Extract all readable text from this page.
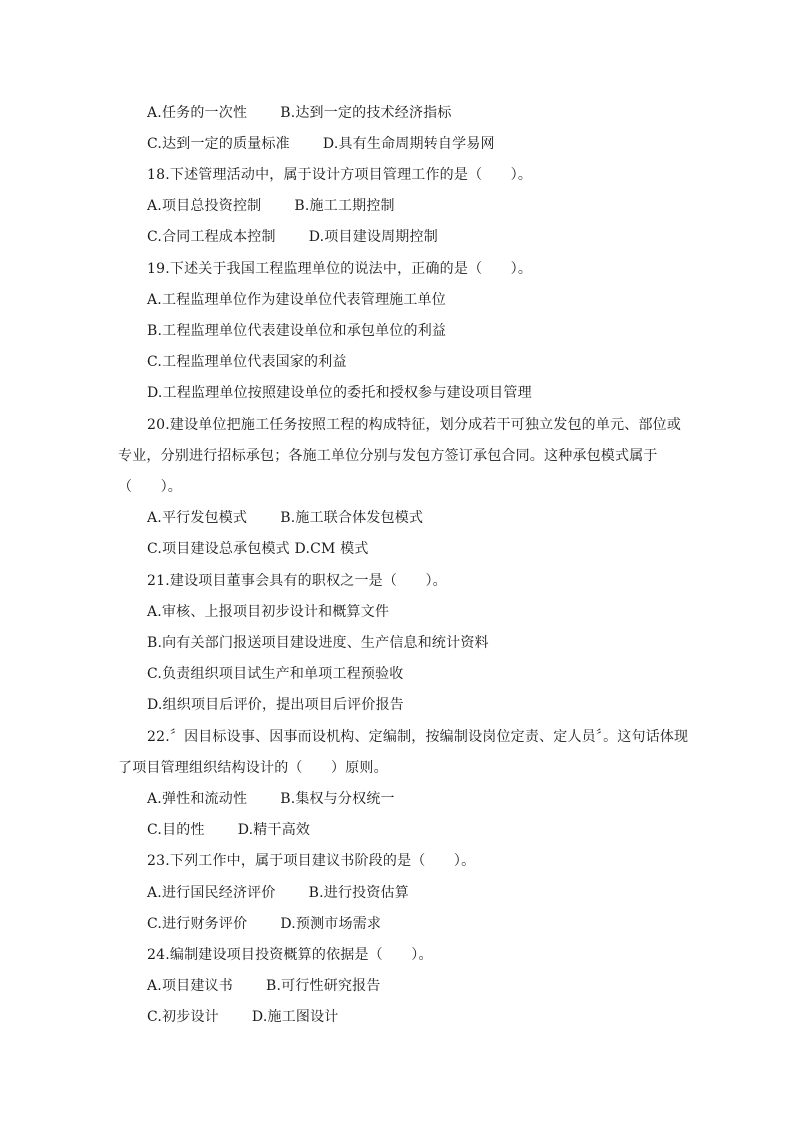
A.任务的一次性　　 B.达到一定的技术经济指标
C.达到一定的质量标准　　 D.具有生命周期转自学易网
18.下述管理活动中，属于设计方项目管理工作的是（　　）。
A.项目总投资控制　　 B.施工工期控制
C.合同工程成本控制　　 D.项目建设周期控制
19.下述关于我国工程监理单位的说法中，正确的是（　　）。
A.工程监理单位作为建设单位代表管理施工单位
B.工程监理单位代表建设单位和承包单位的利益
C.工程监理单位代表国家的利益
D.工程监理单位按照建设单位的委托和授权参与建设项目管理
20.建设单位把施工任务按照工程的构成特征，划分成若干可独立发包的单元、部位或
专业，分别进行招标承包；各施工单位分别与发包方签订承包合同。这种承包模式属于
（　　）。
A.平行发包模式　　 B.施工联合体发包模式
C.项目建设总承包模式 D.CM 模式
21.建设项目董事会具有的职权之一是（　　）。
A.审核、上报项目初步设计和概算文件
B.向有关部门报送项目建设进度、生产信息和统计资料
C.负责组织项目试生产和单项工程预验收
D.组织项目后评价，提出项目后评价报告
22.〞因目标设事、因事而设机构、定编制，按编制设岗位定责、定人员〞。这句话体现
了项目管理组织结构设计的（　　）原则。
A.弹性和流动性　　 B.集权与分权统一
C.目的性　　 D.精干高效
23.下列工作中，属于项目建议书阶段的是（　　）。
A.进行国民经济评价　　 B.进行投资估算
C.进行财务评价　　 D.预测市场需求
24.编制建设项目投资概算的依据是（　　）。
A.项目建议书　　 B.可行性研究报告
C.初步设计　　 D.施工图设计
